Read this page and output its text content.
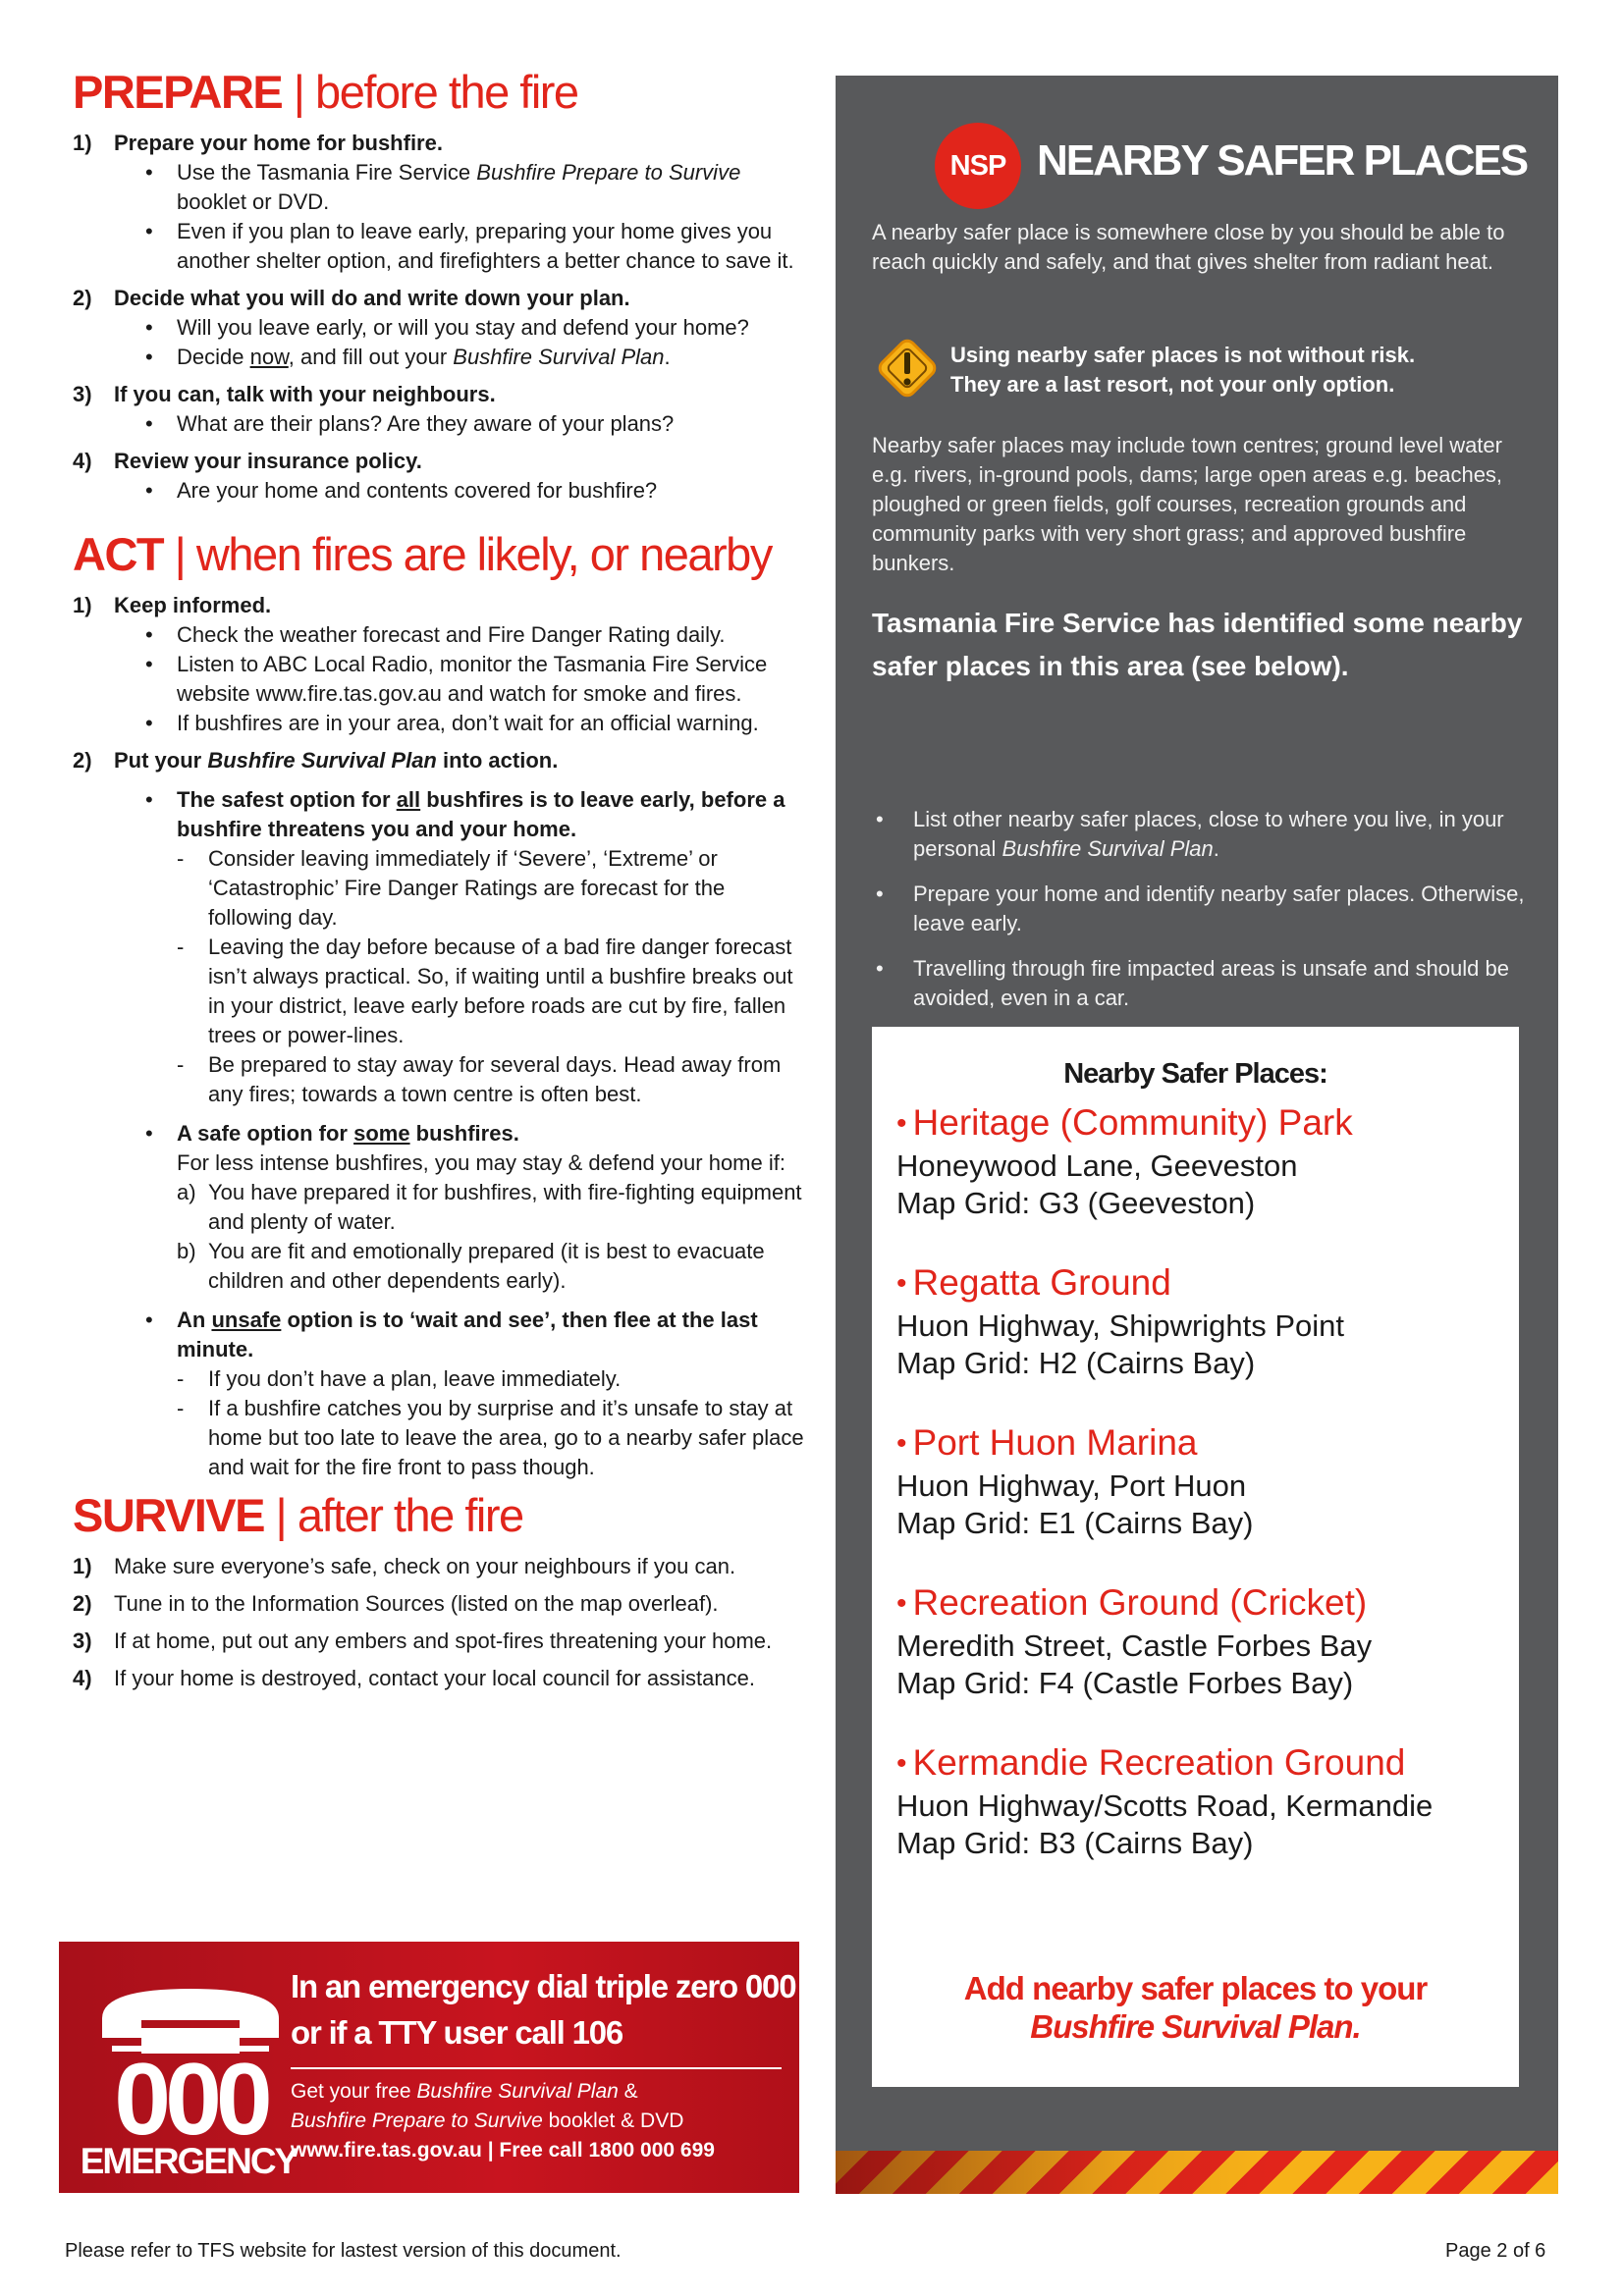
PREPARE | before the fire
1) Prepare your home for bushfire.
• Use the Tasmania Fire Service Bushfire Prepare to Survive booklet or DVD.
• Even if you plan to leave early, preparing your home gives you another shelter option, and firefighters a better chance to save it.
2) Decide what you will do and write down your plan.
• Will you leave early, or will you stay and defend your home?
• Decide now, and fill out your Bushfire Survival Plan.
3) If you can, talk with your neighbours.
• What are their plans? Are they aware of your plans?
4) Review your insurance policy.
• Are your home and contents covered for bushfire?
ACT | when fires are likely, or nearby
1) Keep informed.
• Check the weather forecast and Fire Danger Rating daily.
• Listen to ABC Local Radio, monitor the Tasmania Fire Service website www.fire.tas.gov.au and watch for smoke and fires.
• If bushfires are in your area, don’t wait for an official warning.
2) Put your Bushfire Survival Plan into action.
• The safest option for all bushfires is to leave early, before a bushfire threatens you and your home.
- Consider leaving immediately if ‘Severe’, ‘Extreme’ or ‘Catastrophic’ Fire Danger Ratings are forecast for the following day.
- Leaving the day before because of a bad fire danger forecast isn’t always practical. So, if waiting until a bushfire breaks out in your district, leave early before roads are cut by fire, fallen trees or power-lines.
- Be prepared to stay away for several days. Head away from any fires; towards a town centre is often best.
• A safe option for some bushfires.
For less intense bushfires, you may stay & defend your home if:
a) You have prepared it for bushfires, with fire-fighting equipment and plenty of water.
b) You are fit and emotionally prepared (it is best to evacuate children and other dependents early).
• An unsafe option is to ‘wait and see’, then flee at the last minute.
- If you don’t have a plan, leave immediately.
- If a bushfire catches you by surprise and it’s unsafe to stay at home but too late to leave the area, go to a nearby safer place and wait for the fire front to pass though.
SURVIVE | after the fire
1) Make sure everyone’s safe, check on your neighbours if you can.
2) Tune in to the Information Sources (listed on the map overleaf).
3) If at home, put out any embers and spot-fires threatening your home.
4) If your home is destroyed, contact your local council for assistance.
000
EMERGENCY
In an emergency dial triple zero 000
or if a TTY user call 106
Get your free Bushfire Survival Plan &
Bushfire Prepare to Survive booklet & DVD
www.fire.tas.gov.au | Free call 1800 000 699
NSP NEARBY SAFER PLACES
A nearby safer place is somewhere close by you should be able to reach quickly and safely, and that gives shelter from radiant heat.
Using nearby safer places is not without risk.
They are a last resort, not your only option.
Nearby safer places may include town centres; ground level water e.g. rivers, in-ground pools, dams; large open areas e.g. beaches, ploughed or green fields, golf courses, recreation grounds and community parks with very short grass; and approved bushfire bunkers.
Tasmania Fire Service has identified some nearby safer places in this area (see below).
• List other nearby safer places, close to where you live, in your personal Bushfire Survival Plan.
• Prepare your home and identify nearby safer places. Otherwise, leave early.
• Travelling through fire impacted areas is unsafe and should be avoided, even in a car.
Nearby Safer Places:
• Heritage (Community) Park
Honeywood Lane, Geeveston
Map Grid: G3 (Geeveston)
• Regatta Ground
Huon Highway, Shipwrights Point
Map Grid: H2 (Cairns Bay)
• Port Huon Marina
Huon Highway, Port Huon
Map Grid: E1 (Cairns Bay)
• Recreation Ground (Cricket)
Meredith Street, Castle Forbes Bay
Map Grid: F4 (Castle Forbes Bay)
• Kermandie Recreation Ground
Huon Highway/Scotts Road, Kermandie
Map Grid: B3 (Cairns Bay)
Add nearby safer places to your
Bushfire Survival Plan.
Please refer to TFS website for lastest version of this document.	Page 2 of 6
